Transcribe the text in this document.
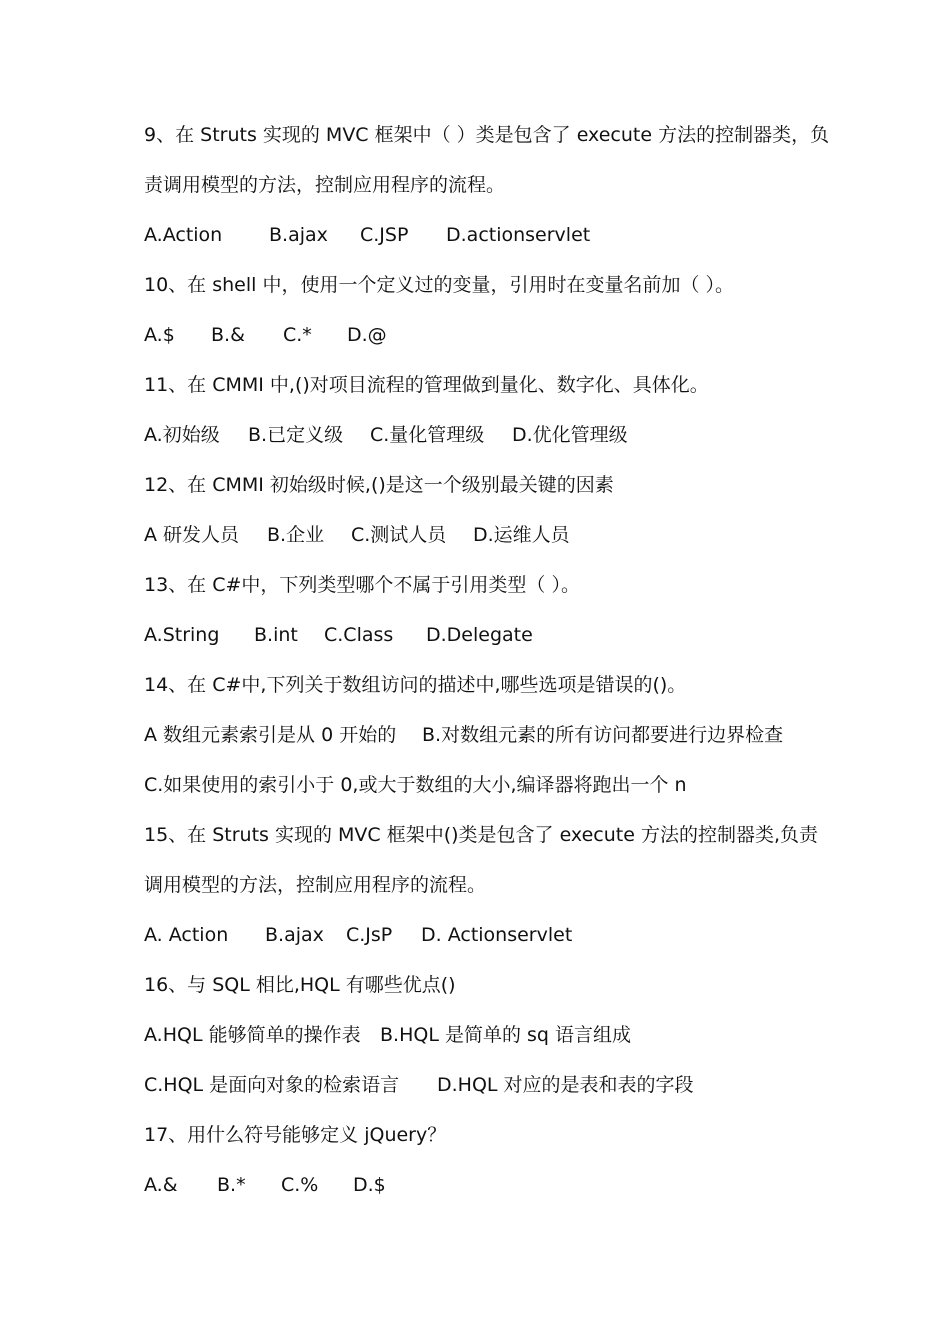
9、在 Struts 实现的 MVC 框架中（ ）类是包含了 execute 方法的控制器类，负
责调用模型的方法，控制应用程序的流程。
A.Action B.ajax C.JSP D.actionservlet
10、在 shell 中，使用一个定义过的变量，引用时在变量名前加（ ）。
A.$ B.& C.* D.@
11、在 CMMI 中,()对项目流程的管理做到量化、数字化、具体化。
A.初始级 B.已定义级 C.量化管理级 D.优化管理级
12、在 CMMI 初始级时候,()是这一个级别最关键的因素
A 研发人员 B.企业 C.测试人员 D.运维人员
13、在 C#中，下列类型哪个不属于引用类型（ ）。
A.String B.int C.Class D.Delegate
14、在 C#中,下列关于数组访问的描述中,哪些选项是错误的()。
A 数组元素索引是从 0 开始的 B.对数组元素的所有访问都要进行边界检查
C.如果使用的索引小于 0,或大于数组的大小,编译器将跑出一个 n
15、在 Struts 实现的 MVC 框架中()类是包含了 execute 方法的控制器类,负责
调用模型的方法，控制应用程序的流程。
A. Action B.ajax C.JsP D. Actionservlet
16、与 SQL 相比,HQL 有哪些优点()
A.HQL 能够简单的操作表 B.HQL 是简单的 sq 语言组成
C.HQL 是面向对象的检索语言 D.HQL 对应的是表和表的字段
17、用什么符号能够定义 jQuery？
A.& B.* C.% D.$
